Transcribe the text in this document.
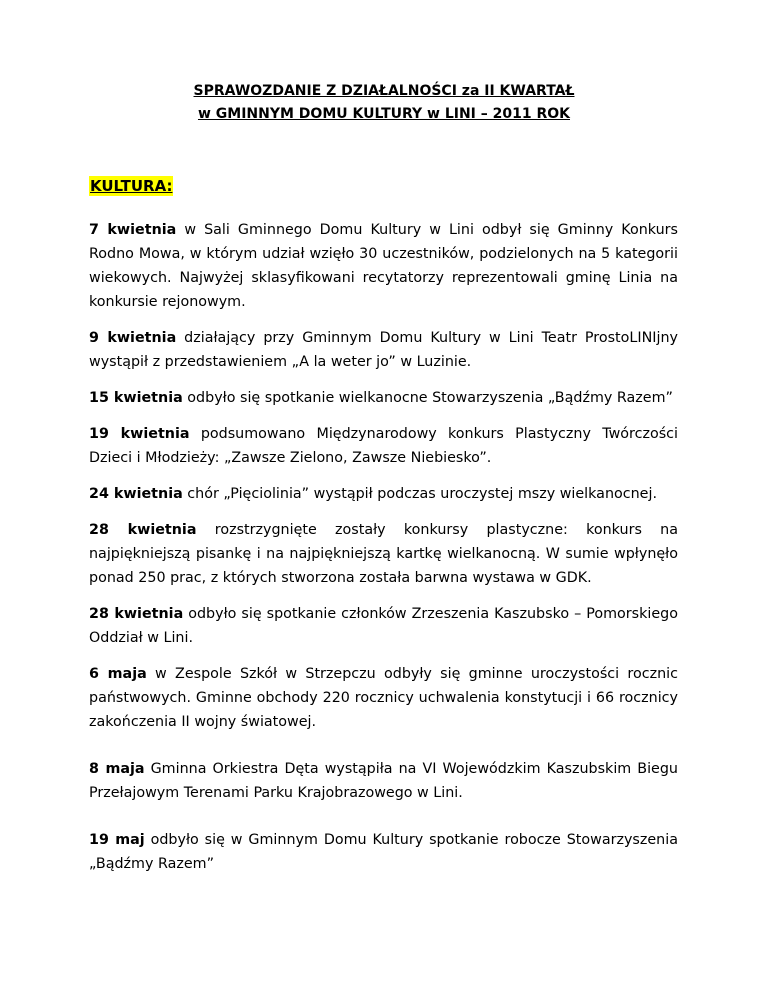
SPRAWOZDANIE Z DZIAŁALNOŚCI za II KWARTAŁ
w GMINNYM DOMU KULTURY w LINI – 2011 ROK
KULTURA:

7 kwietnia w Sali Gminnego Domu Kultury w Lini odbył się Gminny Konkurs Rodno Mowa, w którym udział wzięło 30 uczestników, podzielonych na 5 kategorii wiekowych. Najwyżej sklasyfikowani recytatorzy reprezentowali gminę Linia na konkursie rejonowym.

9 kwietnia działający przy Gminnym Domu Kultury w Lini Teatr ProstoLINIjny wystąpił z przedstawieniem „A la weter jo” w Luzinie.

15 kwietnia odbyło się spotkanie wielkanocne Stowarzyszenia „Bądźmy Razem”

19 kwietnia podsumowano Międzynarodowy konkurs Plastyczny Twórczości Dzieci i Młodzieży: „Zawsze Zielono, Zawsze Niebiesko”.

24 kwietnia chór „Pięciolinia” wystąpił podczas uroczystej mszy wielkanocnej.

28 kwietnia rozstrzygnięte zostały konkursy plastyczne: konkurs na najpiękniejszą pisankę i na najpiękniejszą kartkę wielkanocną. W sumie wpłynęło ponad 250 prac, z których stworzona została barwna wystawa w GDK.

28 kwietnia odbyło się spotkanie członków Zrzeszenia Kaszubsko – Pomorskiego Oddział w Lini.

6 maja w Zespole Szkół w Strzepczu odbyły się gminne uroczystości rocznic państwowych. Gminne obchody 220 rocznicy uchwalenia konstytucji i 66 rocznicy zakończenia II wojny światowej.

8 maja Gminna Orkiestra Dęta wystąpiła na VI Wojewódzkim Kaszubskim Biegu Przełajowym Terenami Parku Krajobrazowego w Lini.

19 maj odbyło się w Gminnym Domu Kultury spotkanie robocze Stowarzyszenia „Bądźmy Razem”
